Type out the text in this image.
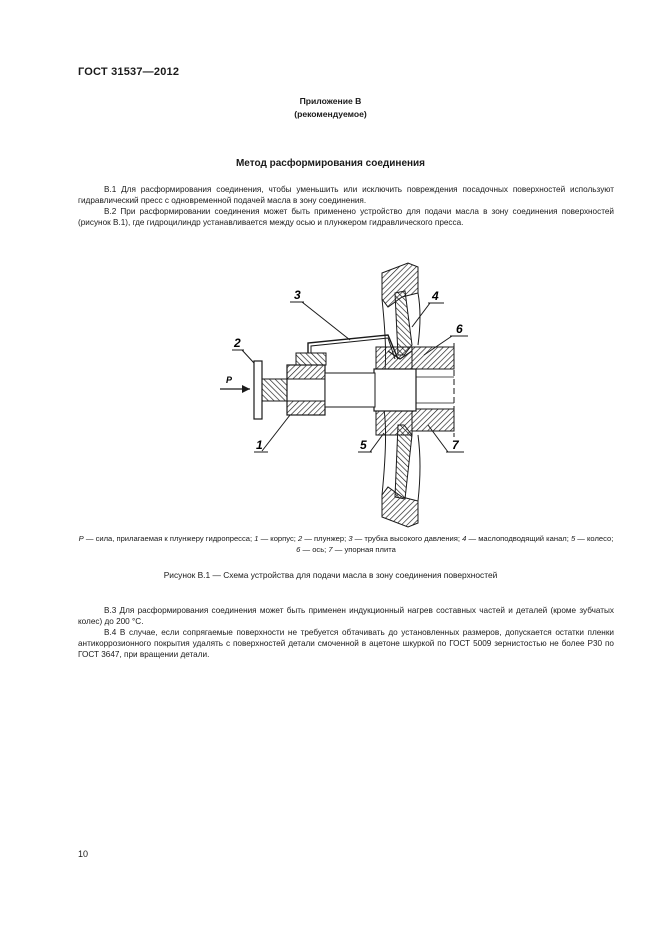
ГОСТ 31537—2012
Приложение В
(рекомендуемое)
Метод расформирования соединения

В.1 Для расформирования соединения, чтобы уменьшить или исключить повреждения посадочных поверхностей используют гидравлический пресс с одновременной подачей масла в зону соединения.

В.2 При расформировании соединения может быть применено устройство для подачи масла в зону соединения поверхностей (рисунок В.1), где гидроцилиндр устанавливается между осью и плунжером гидравлического пресса.

Р
1
2
3	4
6
5	7
Р — сила, прилагаемая к плунжеру гидропресса; 1 — корпус; 2 — плунжер; 3 — трубка высокого давления; 4 — маслоподводящий канал; 5 — колесо; 6 — ось; 7 — упорная плита
Рисунок В.1 — Схема устройства для подачи масла в зону соединения поверхностей

В.3 Для расформирования соединения может быть применен индукционный нагрев составных частей и деталей (кроме зубчатых колес) до 200 °С.

В.4 В случае, если сопрягаемые поверхности не требуется обтачивать до установленных размеров, допускается остатки пленки антикоррозионного покрытия удалять с поверхностей детали смоченной в ацетоне шкуркой по ГОСТ 5009 зернистостью не более Р30 по ГОСТ 3647, при вращении детали.

10
